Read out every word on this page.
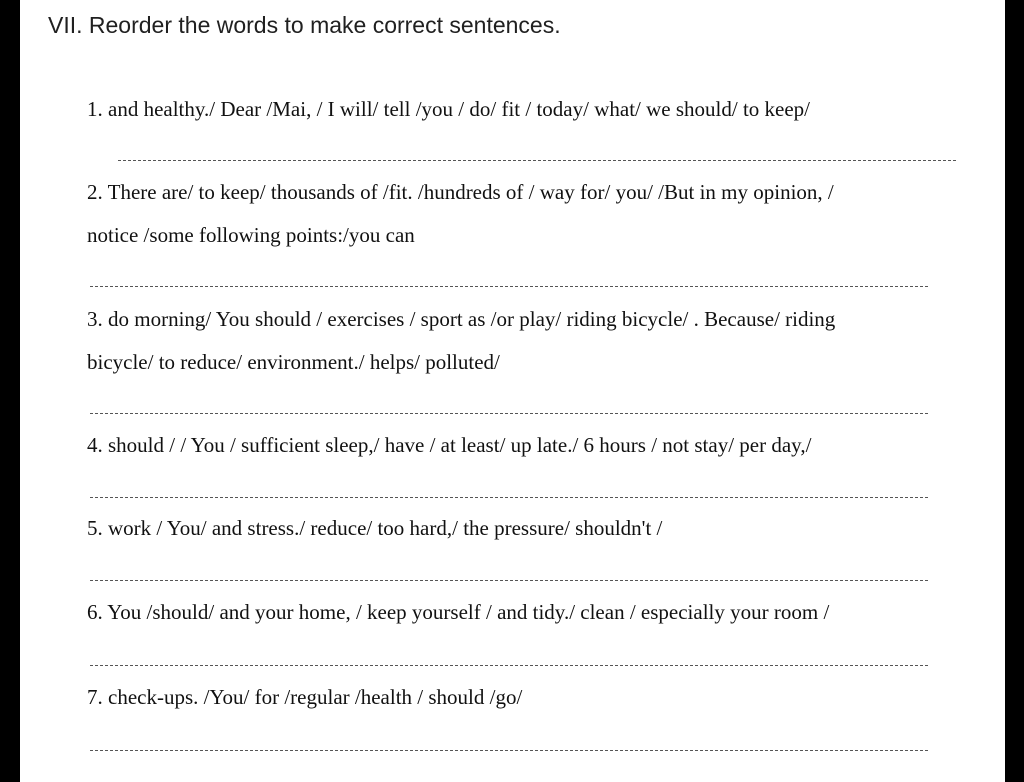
VII. Reorder the words to make correct sentences.
1. and healthy./ Dear /Mai, / I will/ tell /you / do/ fit / today/ what/ we should/ to keep/
2. There are/ to keep/ thousands of /fit. /hundreds of / way for/ you/ /But in my opinion, /
notice /some following points:/you can
3. do morning/ You should / exercises / sport as /or play/ riding bicycle/ . Because/ riding
bicycle/ to reduce/ environment./ helps/ polluted/
4. should / / You / sufficient sleep,/ have / at least/ up late./ 6 hours / not stay/ per day,/
5. work / You/ and stress./ reduce/ too hard,/ the pressure/ shouldn't /
6. You /should/ and your home, / keep yourself / and tidy./ clean / especially your room /
7. check-ups. /You/ for /regular /health / should /go/
